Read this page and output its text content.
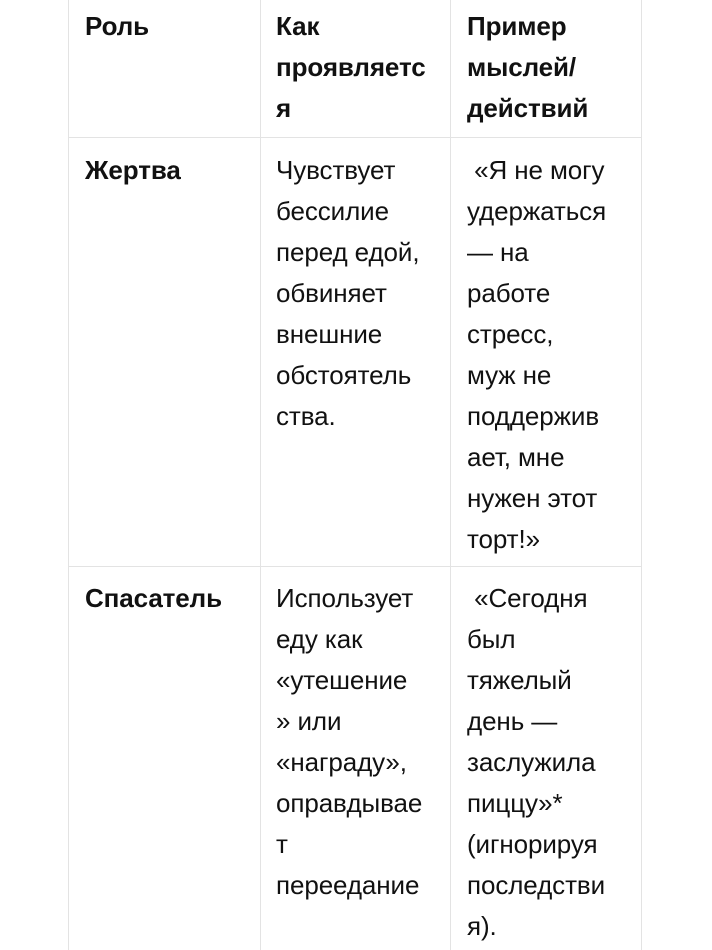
Роль	Как
проявляетс
я
Пример
мыслей/
действий
Жертва	Чувствует
бессилие
перед едой,
обвиняет
внешние
обстоятель
ства.
«Я не могу
удержаться
— на
работе
стресс,
муж не
поддержив
ает, мне
нужен этот
торт!»
Спасатель Использует
еду как
«утешение
» или
«награду»,
оправдывае
т
переедание
«Сегодня
был
тяжелый
день —
заслужила
пиццу»*
(игнорируя
последстви
я).
